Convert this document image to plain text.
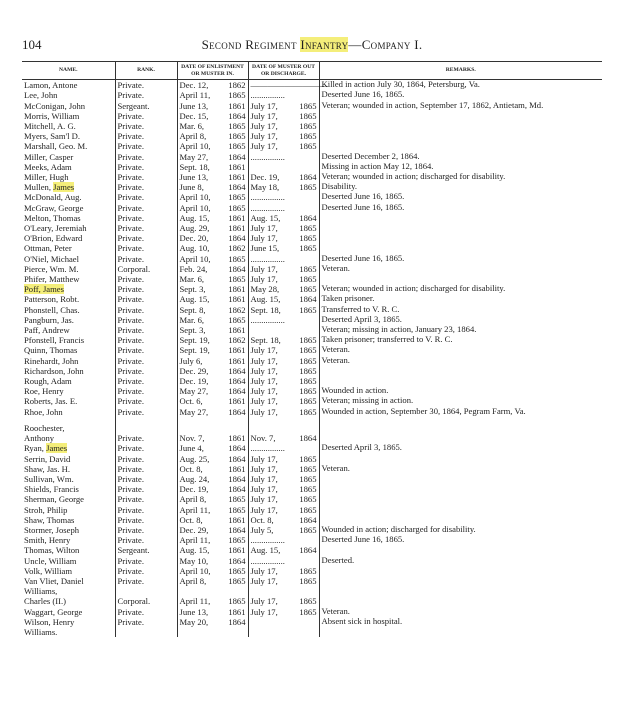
104	Second Regiment Infantry—Company I.
NAME.	RANK.	DATE OF ENLISTMENT OR MUSTER IN.	DATE OF MUSTER OUT OR DISCHARGE.	REMARKS.
Lamon, Antone	Private.	Dec. 12, 1862	—————————	Killed in action July 30, 1864, Petersburg, Va.
Lee, John	Private.	April 11, 1865	................	Deserted June 16, 1865.
McConigan, John	Sergeant.	June 13, 1861	July 17, 1865	Veteran; wounded in action, September 17, 1862, Antietam, Md.
Morris, William	Private.	Dec. 15, 1864	July 17, 1865	

Mitchell, A. G.	Private.	Mar. 6, 1865	July 17, 1865	

Myers, Sam'l D.	Private.	April 8, 1865	July 17, 1865	

Marshall, Geo. M.	Private.	April 10, 1865	July 17, 1865	

Miller, Casper	Private.	May 27, 1864	................	Deserted December 2, 1864.
Meeks, Adam	Private.	Sept. 18, 1861		Missing in action May 12, 1864.
Miller, Hugh	Private.	June 13, 1861	Dec. 19, 1864	Veteran; wounded in action; discharged for disability.
Mullen, James	Private.	June 8, 1864	May 18, 1865	Disability.
McDonald, Aug.	Private.	April 10, 1865	................	Deserted June 16, 1865.
McGraw, George	Private.	April 10, 1865	................	Deserted June 16, 1865.
Melton, Thomas	Private.	Aug. 15, 1861	Aug. 15, 1864	

O'Leary, Jeremiah	Private.	Aug. 29, 1861	July 17, 1865	

O'Brion, Edward	Private.	Dec. 20, 1864	July 17, 1865	

Ottman, Peter	Private.	Aug. 10, 1862	June 15, 1865	

O'Niel, Michael	Private.	April 10, 1865	................	Deserted June 16, 1865.
Pierce, Wm. M.	Corporal.	Feb. 24, 1864	July 17, 1865	Veteran.
Phifer, Matthew	Private.	Mar. 6, 1865	July 17, 1865	

Poff, James	Private.	Sept. 3, 1861	May 28, 1865	Veteran; wounded in action; discharged for disability.
Patterson, Robt.	Private.	Aug. 15, 1861	Aug. 15, 1864	Taken prisoner.
Phonstell, Chas.	Private.	Sept. 8, 1862	Sept. 18, 1865	Transferred to V. R. C.
Pangburn, Jas.	Private.	Mar. 6, 1865	................	Deserted April 3, 1865.
Paff, Andrew	Private.	Sept. 3, 1861		Veteran; missing in action, January 23, 1864.
Pfonstell, Francis	Private.	Sept. 19, 1862	Sept. 18, 1865	Taken prisoner; transferred to V. R. C.
Quinn, Thomas	Private.	Sept. 19, 1861	July 17, 1865	Veteran.
Rinehardt, John	Private.	July 6, 1861	July 17, 1865	Veteran.
Richardson, John	Private.	Dec. 29, 1864	July 17, 1865	

Rough, Adam	Private.	Dec. 19, 1864	July 17, 1865	

Roe, Henry	Private.	May 27, 1864	July 17, 1865	Wounded in action.
Roberts, Jas. E.	Private.	Oct. 6, 1861	July 17, 1865	Veteran; missing in action.
Rhoe, John	Private.	May 27, 1864	July 17, 1865	Wounded in action, September 30, 1864, Pegram Farm, Va.

Roochester,		

Anthony	Private.	Nov. 7, 1861	Nov. 7, 1864	

Ryan, James	Private.	June 4, 1864	................	Deserted April 3, 1865.
Serrin, David	Private.	Aug. 25, 1864	July 17, 1865	

Shaw, Jas. H.	Private.	Oct. 8, 1861	July 17, 1865	Veteran.
Sullivan, Wm.	Private.	Aug. 24, 1864	July 17, 1865	

Shields, Francis	Private.	Dec. 19, 1864	July 17, 1865	

Sherman, George	Private.	April 8, 1865	July 17, 1865	

Stroh, Philip	Private.	April 11, 1865	July 17, 1865	

Shaw, Thomas	Private.	Oct. 8, 1861	Oct. 8, 1864	

Stormer, Joseph	Private.	Dec. 29, 1864	July 5, 1865	Wounded in action; discharged for disability.
Smith, Henry	Private.	April 11, 1865	................	Deserted June 16, 1865.
Thomas, Wilton	Sergeant.	Aug. 15, 1861	Aug. 15, 1864	

Uncle, William	Private.	May 10, 1864	................	Deserted.
Volk, William	Private.	April 10, 1865	July 17, 1865	

Van Vliet, Daniel	Private.	April 8, 1865	July 17, 1865	

Williams,		

Charles (II.)	Corporal.	April 11, 1865	July 17, 1865	

Waggart, George	Private.	June 13, 1861	July 17, 1865	Veteran.
Wilson, Henry	Private.	May 20, 1864		Absent sick in hospital.
Williams.		
